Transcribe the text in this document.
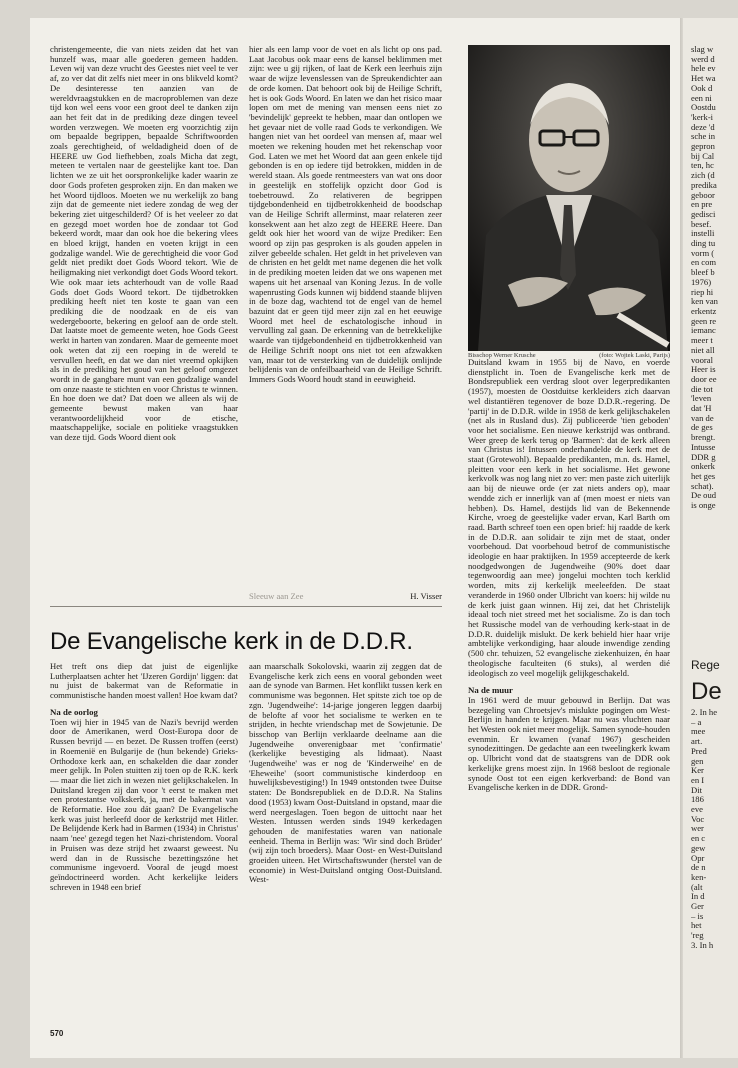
christengemeente, die van niets zeiden dat het van hunzelf was, maar alle goederen gemeen hadden. Leven wij van deze vrucht des Geestes niet veel te ver af, zo ver dat dit zelfs niet meer in ons blikveld komt? De desinteresse ten aanzien van de wereldvraagstukken en de macroproblemen van deze tijd kon wel eens voor een groot deel te danken zijn aan het feit dat in de prediking deze dingen teveel worden verzwegen. We moeten erg voorzichtig zijn om bepaalde begrippen, bepaalde Schriftwoorden zoals gerechtigheid, of weldadigheid doen of de HEERE uw God liefhebben, zoals Micha dat zegt, meteen te vertalen naar de geestelijke kant toe. Dan lichten we ze uit het oorspronkelijke kader waarin ze door Gods profeten gesproken zijn. En dan maken we het Woord tijdloos. Moeten we nu werkelijk zo bang zijn dat de gemeente niet iedere zondag de weg der bekering ziet uitgeschilderd? Of is het veeleer zo dat en gezegd moet worden hoe de zondaar tot God bekeerd wordt, maar dan ook hoe die bekering vlees en bloed krijgt, handen en voeten krijgt in een godzalige wandel. Wie de gerechtigheid die voor God geldt niet predikt doet Gods Woord tekort. Wie de heiligmaking niet verkondigt doet Gods Woord tekort. Wie ook maar iets achterhoudt van de volle Raad Gods doet Gods Woord tekort. De tijdbetrokken prediking heeft niet ten koste te gaan van een prediking die de noodzaak en de eis van wedergeboorte, bekering en geloof aan de orde stelt. Dat laatste moet de gemeente weten, hoe Gods Geest werkt in harten van zondaren. Maar de gemeente moet ook weten dat zij een roeping in de wereld te vervullen heeft, en dat we dan niet vreemd opkijken als in de prediking het goud van het geloof omgezet wordt in de gangbare munt van een godzalige wandel om onze naaste te stichten en voor Christus te winnen. En hoe doen we dat? Dat doen we alleen als wij de gemeente bewust maken van haar verantwoordelijkheid voor de etische, maatschappelijke, sociale en politieke vraagstukken van deze tijd. Gods Woord dient ook

hier als een lamp voor de voet en als licht op ons pad. Laat Jacobus ook maar eens de kansel beklimmen met zijn: wee u gij rijken, of laat de Kerk een leerhuis zijn waar de wijze levenslessen van de Spreukendichter aan de orde komen. Dat behoort ook bij de Heilige Schrift, het is ook Gods Woord. En laten we dan het risico maar lopen om met de mening van mensen eens niet zo 'bevindelijk' gepreekt te hebben, maar dan ontlopen we het gevaar niet de volle raad Gods te verkondigen. We hangen niet van het oordeel van mensen af, maar wel moeten we rekening houden met het rekenschap voor God. Laten we met het Woord dat aan geen enkele tijd gebonden is en op iedere tijd betrokken, midden in de wereld staan. Als goede rentmeesters van wat ons door in geestelijk en stoffelijk opzicht door God is toebetrouwd. Zo relativeren de begrippen tijdgebondenheid en tijdbetrokkenheid de boodschap van de Heilige Schrift allerminst, maar relateren zeer konsekwent aan het alzo zegt de HEERE Heere. Dan geldt ook hier het woord van de wijze Prediker: Een woord op zijn pas gesproken is als gouden appelen in zilver gebeelde schalen. Het geldt in het priveleven van de christen en het geldt met name degenen die het volk in de prediking moeten leiden dat we ons wapenen met wapens uit het arsenaal van Koning Jezus. In de volle wapenrusting Gods kunnen wij biddend staande blijven in de boze dag, wachtend tot de engel van de hemel bazuint dat er geen tijd meer zijn zal en het eeuwige Woord met heel de eschatologische inhoud in vervulling zal gaan. De erkenning van de betrekkelijke waarde van tijdgebondenheid en tijdbetrokkenheid van de Heilige Schrift noopt ons niet tot een afzwakken van, maar tot de versterking van de duidelijk omlijnde belijdenis van de onfeilbaarheid van de Heilige Schrift. Immers Gods Woord houdt stand in eeuwigheid.

Sleeuw aan Zee	H. Visser
Bisschop Werner Krusche	(foto: Wojtek Laski, Parijs)

Duitsland kwam in 1955 bij de Navo, en voerde dienstplicht in. Toen de Evangelische kerk met de Bondsrepubliek een verdrag sloot over legerpredikanten (1957), moesten de Oostduitse kerkleiders zich daarvan wel distantiëren tegenover de boze D.D.R.-regering. De 'partij' in de D.D.R. wilde in 1958 de kerk gelijkschakelen (net als in Rusland dus). Zij publiceerde 'tien geboden' voor het socialisme. Een nieuwe kerkstrijd was ontbrand. Weer greep de kerk terug op 'Barmen': dat de kerk alleen van Christus is! Intussen onderhandelde de kerk met de staat (Grotewohl). Bepaalde predikanten, m.n. ds. Hamel, pleitten voor een kerk in het socialisme. Het gewone kerkvolk was nog lang niet zo ver: men paste zich uiterlijk aan bij de nieuwe orde (er zat niets anders op), maar wendde zich er innerlijk van af (men moest er niets van hebben). Ds. Hamel, destijds lid van de Bekennende Kirche, vroeg de geestelijke vader ervan, Karl Barth om raad. Barth schreef toen een open brief: hij raadde de kerk in de D.D.R. aan solidair te zijn met de staat, onder voorbehoud. Dat voorbehoud betrof de communistische ideologie en haar praktijken. In 1959 accepteerde de kerk noodgedwongen de Jugendweihe (90% doet daar tegenwoordig aan mee) jongelui mochten toch kerklid worden, mits zij kerkelijk meeleefden. De staat veranderde in 1960 onder Ulbricht van koers: hij wilde nu de kerk juist gaan winnen. Hij zei, dat het Christelijk ideaal toch niet streed met het socialisme. Zo is dan toch het Russische model van de verhouding kerk-staat in de D.D.R. duidelijk mislukt. De kerk behield hier haar vrije ambtelijke verkondiging, haar aloude inwendige zending (500 chr. tehuizen, 52 evangelische ziekenhuizen, én haar theologische faculteiten (6 stuks), al werden dié ideologisch zo veel mogelijk gelijkgeschakeld.

Na de muur

In 1961 werd de muur gebouwd in Berlijn. Dat was bezegeling van Chroetsjev's mislukte pogingen om West-Berlijn in handen te krijgen. Maar nu was vluchten naar het Westen ook niet meer mogelijk. Samen synode-houden evenmin. Er kwamen (vanaf 1967) gescheiden synodezittingen. De gedachte aan een tweelingkerk kwam op. Ulbricht vond dat de staatsgrens van de DDR ook kerkelijke grens moest zijn. In 1968 besloot de regionale synode Oost tot een eigen kerkverband: de Bond van Evangelische kerken in de DDR. Grond-

De Evangelische kerk in de D.D.R.
Het treft ons diep dat juist de eigenlijke Lutherplaatsen achter het 'IJzeren Gordijn' liggen: dat nu juist de bakermat van de Reformatie in communistische handen moest vallen! Hoe kwam dat?

Na de oorlog

Toen wij hier in 1945 van de Nazi's bevrijd werden door de Amerikanen, werd Oost-Europa door de Russen bevrijd — en bezet. De Russen troffen (eerst) in Roemenië en Bulgarije de (hun bekende) Grieks-Orthodoxe kerk aan, en schakelden die daar zonder meer gelijk. In Polen stuitten zij toen op de R.K. kerk — maar die liet zich in wezen niet gelijkschakelen. In Duitsland kregen zij dan voor 't eerst te maken met een protestantse volkskerk, ja, met de bakermat van de Reformatie. Hoe zou dát gaan? De Evangelische kerk was juist herleefd door de kerkstrijd met Hitler. De Belijdende Kerk had in Barmen (1934) in Christus' naam 'nee' gezegd tegen het Nazi-christendom. Vooral in Pruisen was deze strijd het zwaarst geweest. Nu werd dan in de Russische bezettingszóne het communisme ingevoerd. Vooral de jeugd moest geïndoctrineerd worden. Acht kerkelijke leiders schreven in 1948 een brief

aan maarschalk Sokolovski, waarin zij zeggen dat de Evangelische kerk zich eens en vooral gebonden weet aan de synode van Barmen. Het konflikt tussen kerk en communisme was begonnen. Het spitste zich toe op de zgn. 'Jugendweihe': 14-jarige jongeren leggen daarbij de belofte af voor het socialisme te werken en te strijden, in hechte vriendschap met de Sowjetunie. De bisschop van Berlijn verklaarde deelname aan die Jugendweihe onverenigbaar met 'confirmatie' (kerkelijke bevestiging als lidmaat). Naast 'Jugendweihe' was er nog de 'Kinderweihe' en de 'Eheweihe' (soort communistische kinderdoop en huwelijksbevestiging!) In 1949 ontstonden twee Duitse staten: De Bondsrepubliek en de D.D.R. Na Stalins dood (1953) kwam Oost-Duitsland in opstand, maar die werd neergeslagen. Toen begon de uittocht naar het Westen. Intussen werden sinds 1949 kerkedagen gehouden de manifestaties waren van nationale eenheid. Thema in Berlijn was: 'Wir sind doch Brüder' (wij zijn toch broeders). Maar Oost- en West-Duitsland groeiden uiteen. Het Wirtschaftswunder (herstel van de economie) in West-Duitsland ontging Oost-Duitsland. West-

570
slag w
werd d
hele ev
Het wa
Ook d
een ni
Oostdu
'kerk-i
deze 'd
sche in
gepron
bij Cal
ten, hc
zich (d
predika
geboor
en pre
gedisci
besef.
instelli
ding tu
vorm (
en com
bleef b
1976)
riep hi
ken van
erkentz
geen re
iemanc
meer t
niet all
vooral
Heer is
door ee
die tot
'leven
dat 'H
van de
de ges
brengt.
Intusse
DDR g
onkerk
het ges
schat).
De oud
is onge
Rege
De
2. In he
– a
mee
art.
Pred
gen
Ker
en I
Dit
186
eve
Voc
wer
en c
gew
Opr
de n
ken-
(alt
In d
Ger
– is
het
'reg
3. In h
